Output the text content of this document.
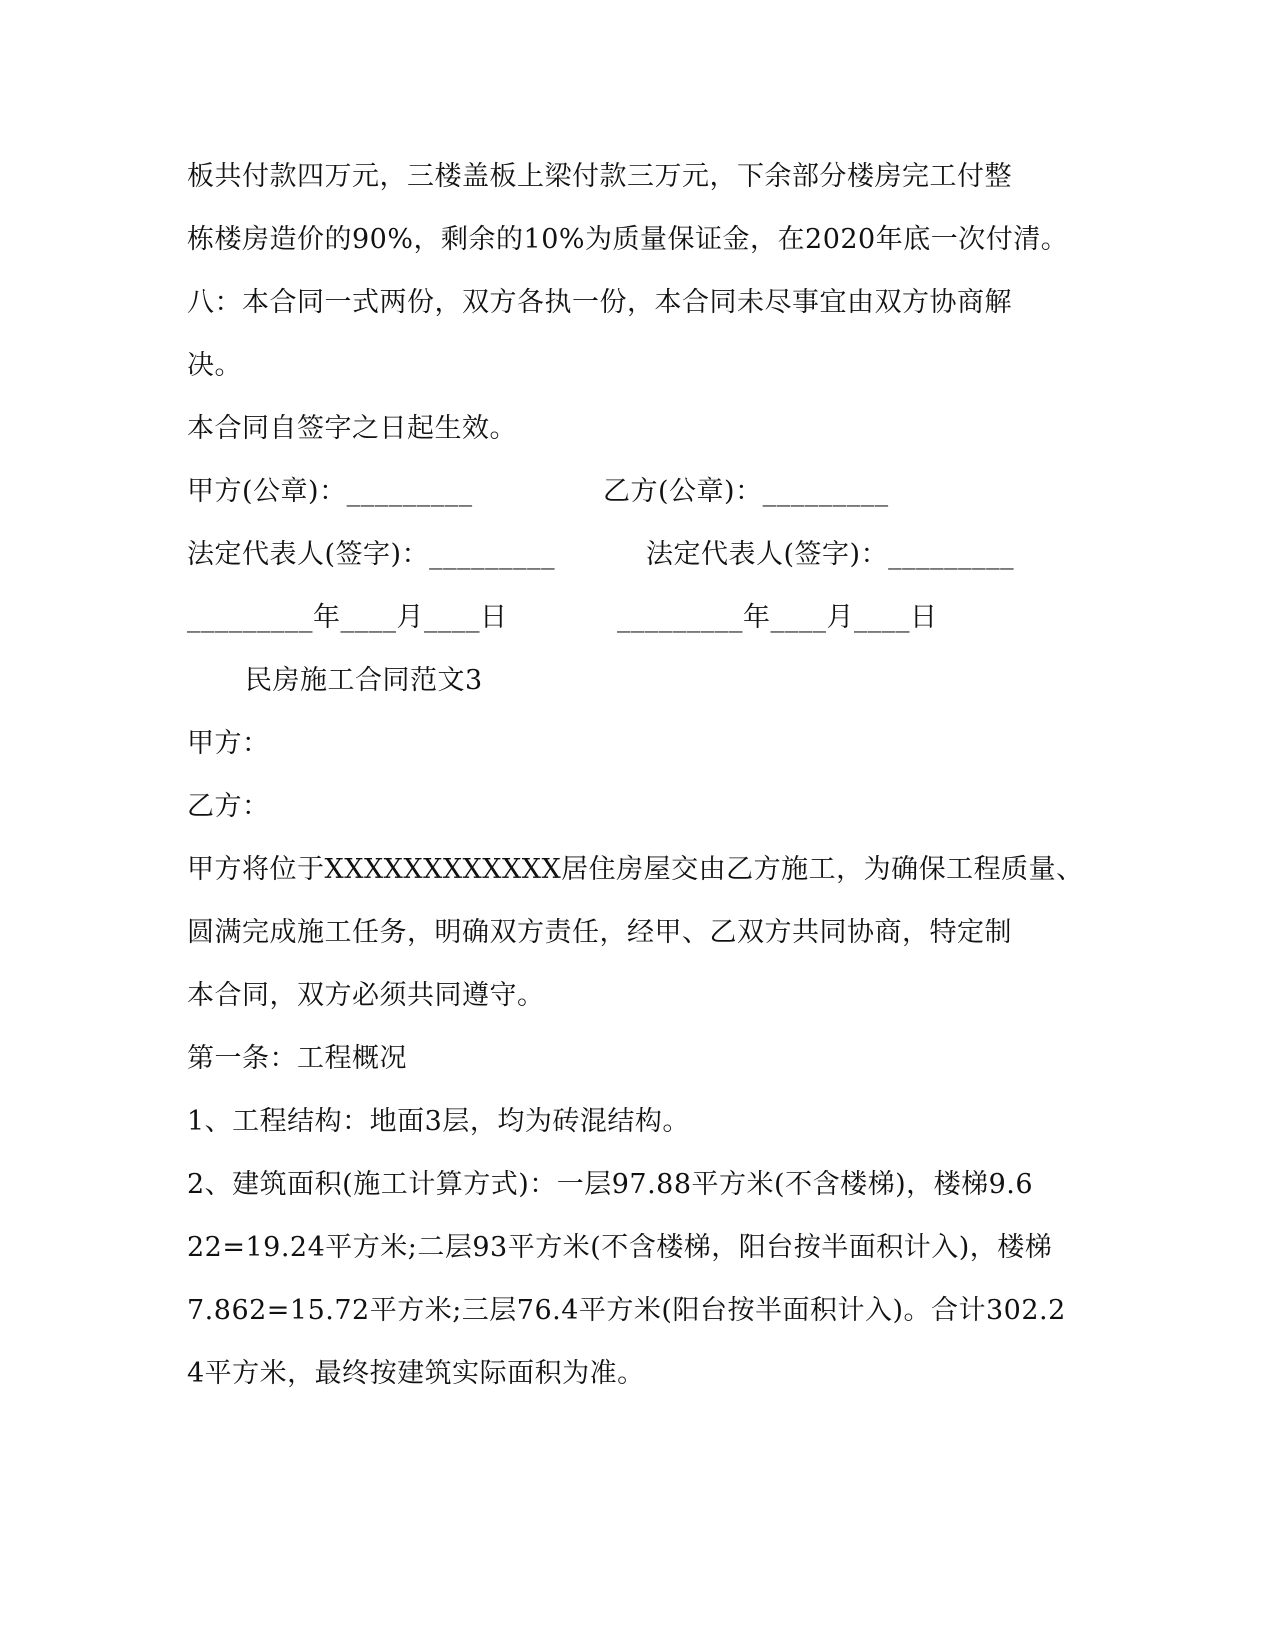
板共付款四万元，三楼盖板上梁付款三万元，下余部分楼房完工付整
栋楼房造价的90%，剩余的10%为质量保证金，在2020年底一次付清。
八：本合同一式两份，双方各执一份，本合同未尽事宜由双方协商解
决。
本合同自签字之日起生效。
甲方(公章)：_________	乙方(公章)：_________
法定代表人(签字)：_________	法定代表人(签字)：_________
_________年____月____日	_________年____月____日
民房施工合同范文3
甲方：
乙方：
甲方将位于XXXXXXXXXXXX居住房屋交由乙方施工，为确保工程质量、
圆满完成施工任务，明确双方责任，经甲、乙双方共同协商，特定制
本合同，双方必须共同遵守。
第一条：工程概况
1、工程结构：地面3层，均为砖混结构。
2、建筑面积(施工计算方式)：一层97.88平方米(不含楼梯)，楼梯9.6
22=19.24平方米;二层93平方米(不含楼梯，阳台按半面积计入)，楼梯
7.862=15.72平方米;三层76.4平方米(阳台按半面积计入)。合计302.2
4平方米，最终按建筑实际面积为准。
